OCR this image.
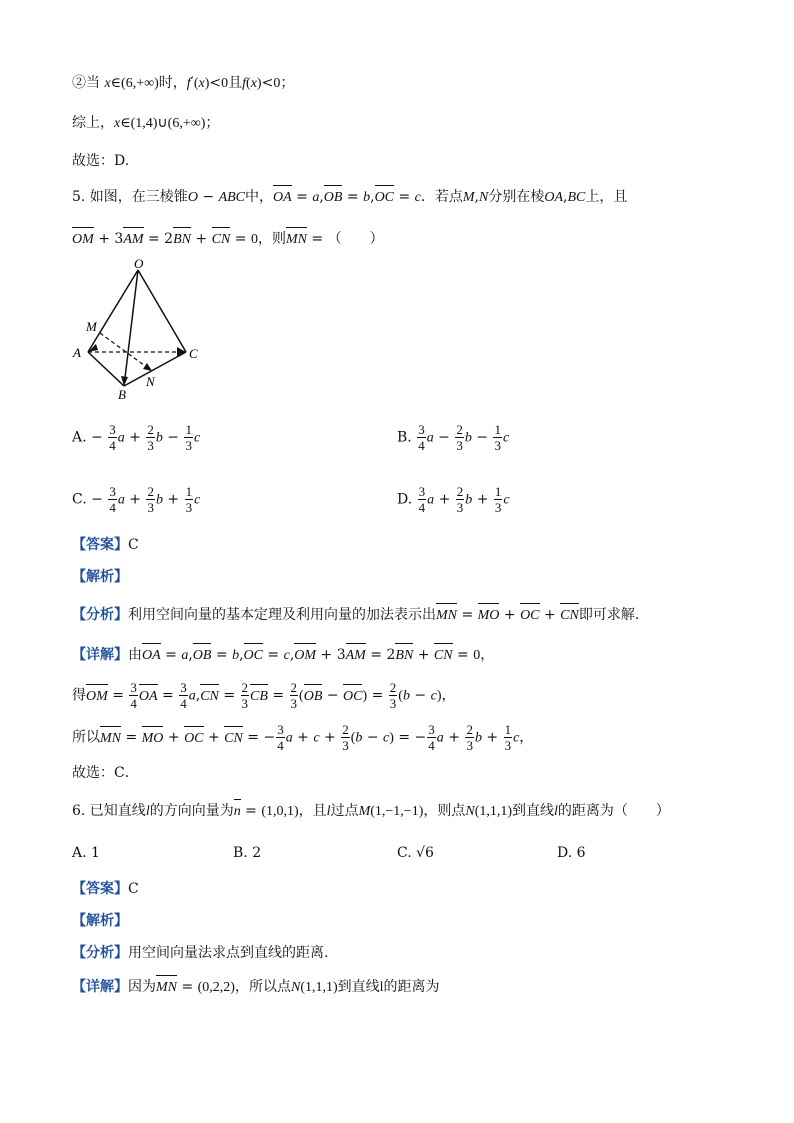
②当 x∈(6,+∞)时，f′(x)<0且f(x)<0；
综上，x∈(1,4)∪(6,+∞)；
故选：D.
5. 如图，在三棱锥O − ABC中，OA = a,OB = b,OC = c．若点M,N分别在棱OA,BC上，且
OM + 3AM = 2BN + CN = 0，则MN = （　　）
O
M
A	C
N
B
A. − $\frac{3}{4}$ $a + \frac{2}{3}$ $b - \frac{1}{3}$ c	B. $\frac{3}{4}$ $a - \frac{2}{3}$ $b - \frac{1}{3}$ c
C. − $\frac{3}{4}$ $a + \frac{2}{3}$ $b + \frac{1}{3}$ c	D. $\frac{3}{4}$ $a + \frac{2}{3}$ $b + \frac{1}{3}$ c
【答案】C
【解析】
【分析】利用空间向量的基本定理及利用向量的加法表示出MN = MO + OC + CN即可求解．
【详解】由OA = a,OB = b,OC = c,OM + 3AM = 2BN + CN = 0，
得OM = $\frac{3}{4}$ OA = $\frac{3}{4} a,CN = \frac{2}{3}$ CB = $\frac{2}{3} (OB - OC) = \frac{2}{3} (b - c)$，
所以MN = MO + OC + CN = − $\frac{3}{4}$ $a + c + \frac{2}{3} (b - c)$ = − $\frac{3}{4}$ $a + \frac{2}{3}$ $b + \frac{1}{3}$ c，
故选：C．
6. 已知直线l的方向向量为n = (1,0,1)，且l过点M(1,−1,−1)，则点N(1,1,1)到直线l的距离为（　　）
A. 1	B. 2	C. √6	D. 6
【答案】C
【解析】
【分析】用空间向量法求点到直线的距离.
【详解】因为MN = (0,2,2)，所以点N(1,1,1)到直线l的距离为
